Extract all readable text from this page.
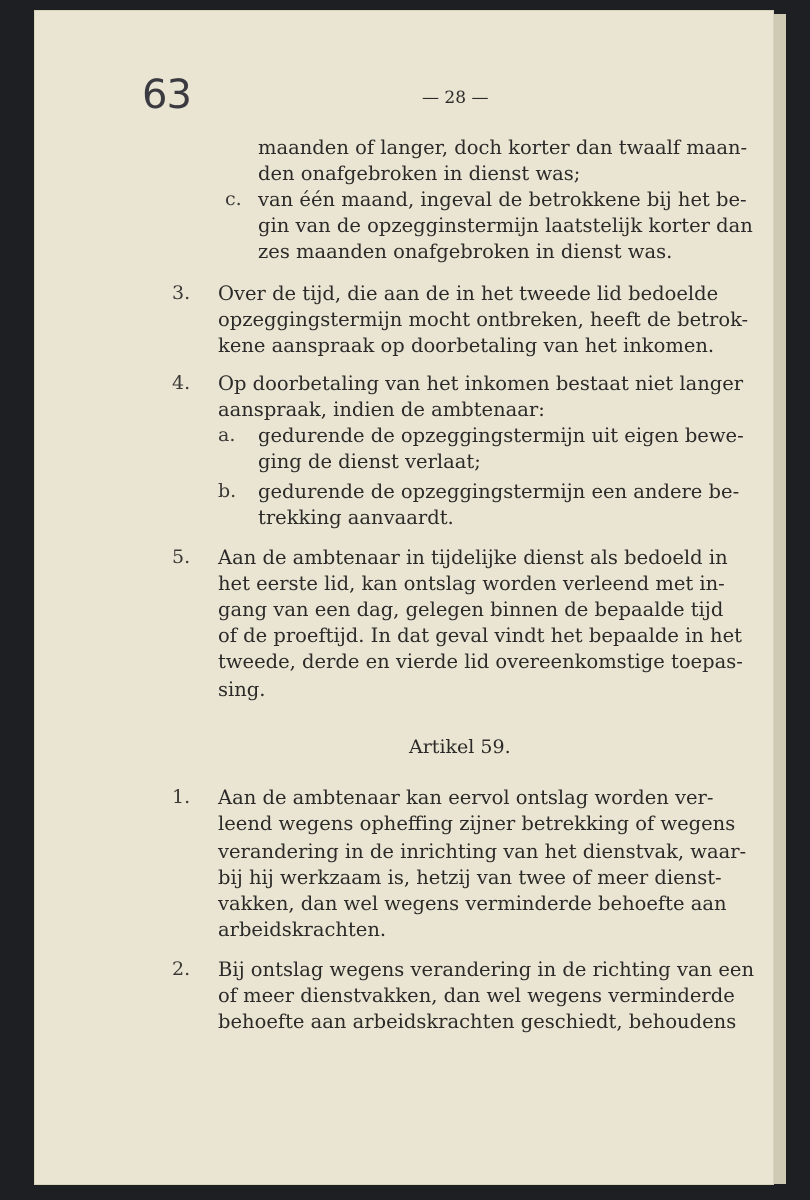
63	— 28 —
maanden of langer, doch korter dan twaalf maan-
den onafgebroken in dienst was;
c. van één maand, ingeval de betrokkene bij het be-
gin van de opzegginstermijn laatstelijk korter dan
zes maanden onafgebroken in dienst was.
3. Over de tijd, die aan de in het tweede lid bedoelde
opzeggingstermijn mocht ontbreken, heeft de betrok-
kene aanspraak op doorbetaling van het inkomen.
4. Op doorbetaling van het inkomen bestaat niet langer
aanspraak, indien de ambtenaar:
a. gedurende de opzeggingstermijn uit eigen bewe-
ging de dienst verlaat;
b. gedurende de opzeggingstermijn een andere be-
trekking aanvaardt.
5. Aan de ambtenaar in tijdelijke dienst als bedoeld in
het eerste lid, kan ontslag worden verleend met in-
gang van een dag, gelegen binnen de bepaalde tijd
of de proeftijd. In dat geval vindt het bepaalde in het
tweede, derde en vierde lid overeenkomstige toepas-
sing.
Artikel 59.
1. Aan de ambtenaar kan eervol ontslag worden ver-
leend wegens opheffing zijner betrekking of wegens
verandering in de inrichting van het dienstvak, waar-
bij hij werkzaam is, hetzij van twee of meer dienst-
vakken, dan wel wegens verminderde behoefte aan
arbeidskrachten.
2. Bij ontslag wegens verandering in de richting van een
of meer dienstvakken, dan wel wegens verminderde
behoefte aan arbeidskrachten geschiedt, behoudens
